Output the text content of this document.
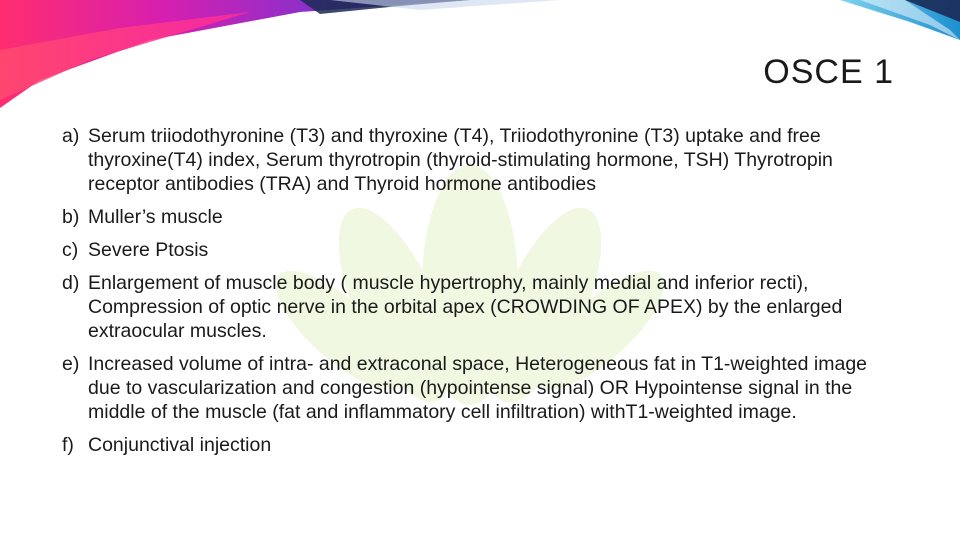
OSCE 1
a) Serum triiodothyronine (T3) and thyroxine (T4), Triiodothyronine (T3) uptake and free thyroxine(T4) index, Serum thyrotropin (thyroid-stimulating hormone, TSH) Thyrotropin receptor antibodies (TRA) and Thyroid hormone antibodies
b) Muller’s muscle
c) Severe Ptosis
d) Enlargement of muscle body ( muscle hypertrophy, mainly medial and inferior recti), Compression of optic nerve in the orbital apex (CROWDING OF APEX) by the enlarged extraocular muscles.
e) Increased volume of intra- and extraconal space, Heterogeneous fat in T1-weighted image due to vascularization and congestion (hypointense signal) OR Hypointense signal in the middle of the muscle (fat and inflammatory cell infiltration) withT1-weighted image.
f) Conjunctival injection
